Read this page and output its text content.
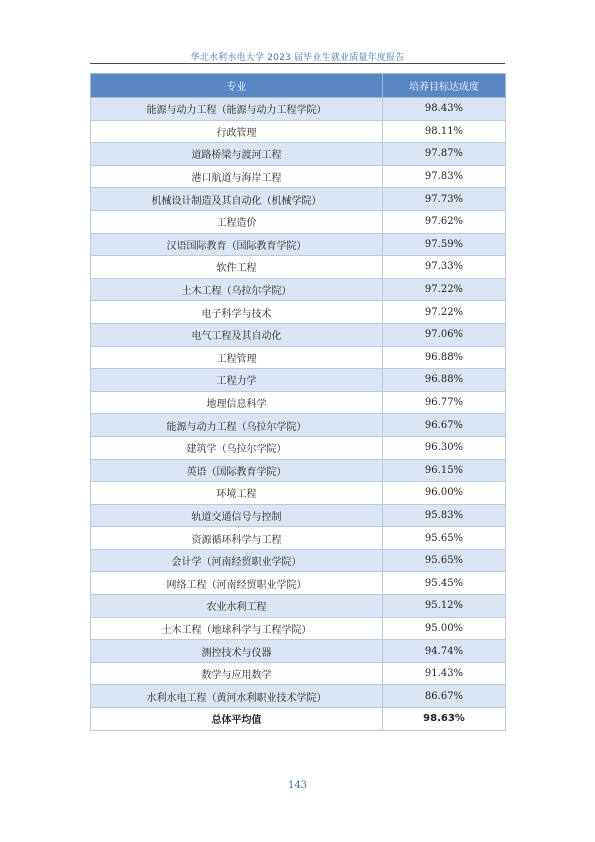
华北水利水电大学 2023 届毕业生就业质量年度报告
专业	培养目标达成度
能源与动力工程（能源与动力工程学院）	98.43%
行政管理	98.11%
道路桥梁与渡河工程	97.87%
港口航道与海岸工程	97.83%
机械设计制造及其自动化（机械学院）	97.73%
工程造价	97.62%
汉语国际教育（国际教育学院）	97.59%
软件工程	97.33%
土木工程（乌拉尔学院）	97.22%
电子科学与技术	97.22%
电气工程及其自动化	97.06%
工程管理	96.88%
工程力学	96.88%
地理信息科学	96.77%
能源与动力工程（乌拉尔学院）	96.67%
建筑学（乌拉尔学院）	96.30%
英语（国际教育学院）	96.15%
环境工程	96.00%
轨道交通信号与控制	95.83%
资源循环科学与工程	95.65%
会计学（河南经贸职业学院）	95.65%
网络工程（河南经贸职业学院）	95.45%
农业水利工程	95.12%
土木工程（地球科学与工程学院）	95.00%
测控技术与仪器	94.74%
数学与应用数学	91.43%
水利水电工程（黄河水利职业技术学院）	86.67%
总体平均值	98.63%
143
